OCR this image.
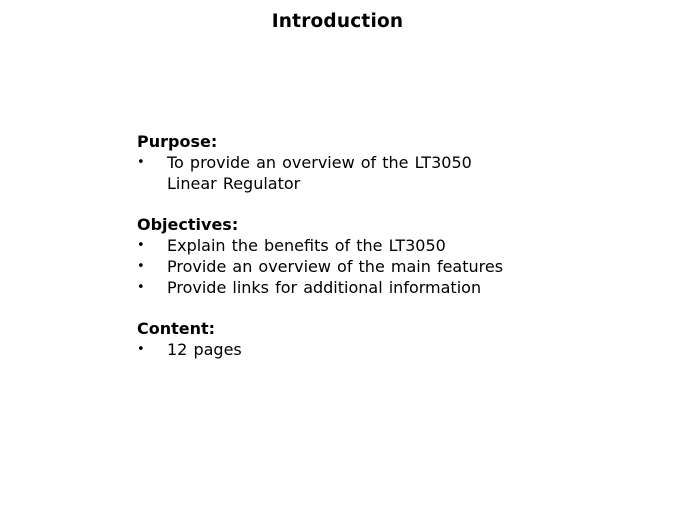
Introduction
Purpose:
• To provide an overview of the LT3050 Linear Regulator
Objectives:
• Explain the benefits of the LT3050
• Provide an overview of the main features
• Provide links for additional information
Content:
• 12 pages
